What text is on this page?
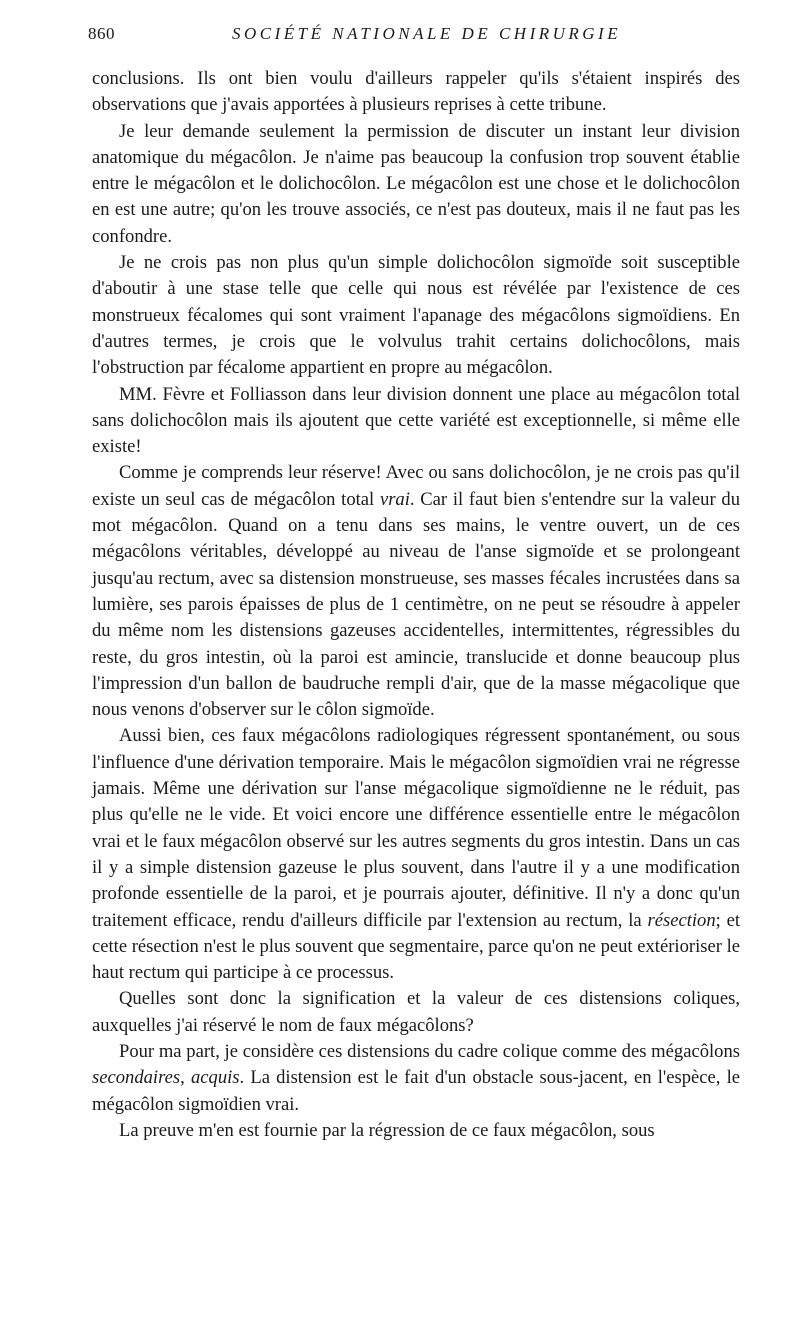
860	SOCIÉTÉ NATIONALE DE CHIRURGIE

conclusions. Ils ont bien voulu d'ailleurs rappeler qu'ils s'étaient inspirés des observations que j'avais apportées à plusieurs reprises à cette tribune.

Je leur demande seulement la permission de discuter un instant leur division anatomique du mégacôlon. Je n'aime pas beaucoup la confusion trop souvent établie entre le mégacôlon et le dolichocôlon. Le mégacôlon est une chose et le dolichocôlon en est une autre; qu'on les trouve associés, ce n'est pas douteux, mais il ne faut pas les confondre.

Je ne crois pas non plus qu'un simple dolichocôlon sigmoïde soit susceptible d'aboutir à une stase telle que celle qui nous est révélée par l'existence de ces monstrueux fécalomes qui sont vraiment l'apanage des mégacôlons sigmoïdiens. En d'autres termes, je crois que le volvulus trahit certains dolichocôlons, mais l'obstruction par fécalome appartient en propre au mégacôlon.

MM. Fèvre et Folliasson dans leur division donnent une place au mégacôlon total sans dolichocôlon mais ils ajoutent que cette variété est exceptionnelle, si même elle existe!

Comme je comprends leur réserve! Avec ou sans dolichocôlon, je ne crois pas qu'il existe un seul cas de mégacôlon total vrai. Car il faut bien s'entendre sur la valeur du mot mégacôlon. Quand on a tenu dans ses mains, le ventre ouvert, un de ces mégacôlons véritables, développé au niveau de l'anse sigmoïde et se prolongeant jusqu'au rectum, avec sa distension monstrueuse, ses masses fécales incrustées dans sa lumière, ses parois épaisses de plus de 1 centimètre, on ne peut se résoudre à appeler du même nom les distensions gazeuses accidentelles, intermittentes, régressibles du reste, du gros intestin, où la paroi est amincie, translucide et donne beaucoup plus l'impression d'un ballon de baudruche rempli d'air, que de la masse mégacolique que nous venons d'observer sur le côlon sigmoïde.

Aussi bien, ces faux mégacôlons radiologiques régressent spontanément, ou sous l'influence d'une dérivation temporaire. Mais le mégacôlon sigmoïdien vrai ne régresse jamais. Même une dérivation sur l'anse mégacolique sigmoïdienne ne le réduit, pas plus qu'elle ne le vide. Et voici encore une différence essentielle entre le mégacôlon vrai et le faux mégacôlon observé sur les autres segments du gros intestin. Dans un cas il y a simple distension gazeuse le plus souvent, dans l'autre il y a une modification profonde essentielle de la paroi, et je pourrais ajouter, définitive. Il n'y a donc qu'un traitement efficace, rendu d'ailleurs difficile par l'extension au rectum, la résection; et cette résection n'est le plus souvent que segmentaire, parce qu'on ne peut extérioriser le haut rectum qui participe à ce processus.

Quelles sont donc la signification et la valeur de ces distensions coliques, auxquelles j'ai réservé le nom de faux mégacôlons?

Pour ma part, je considère ces distensions du cadre colique comme des mégacôlons secondaires, acquis. La distension est le fait d'un obstacle sous-jacent, en l'espèce, le mégacôlon sigmoïdien vrai.

La preuve m'en est fournie par la régression de ce faux mégacôlon, sous
